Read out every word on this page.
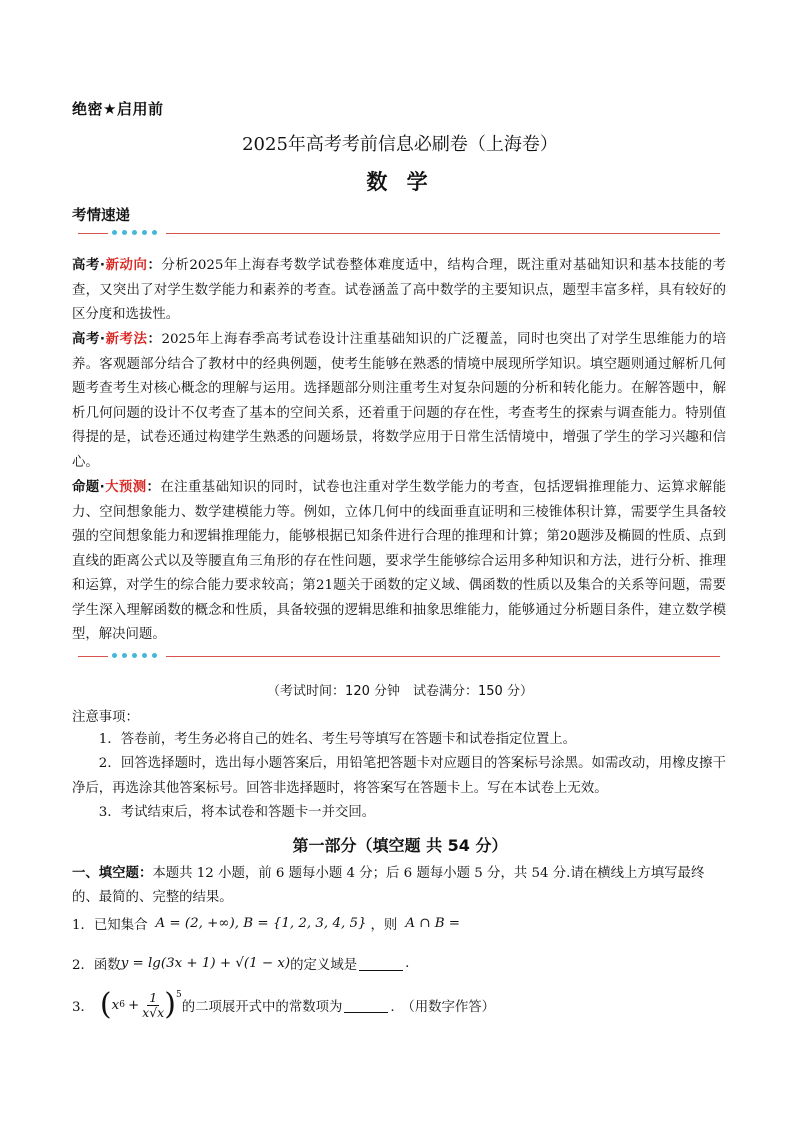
绝密★启用前
2025年高考考前信息必刷卷（上海卷）
数 学
考情速递
高考·新动向：分析2025年上海春考数学试卷整体难度适中，结构合理，既注重对基础知识和基本技能的考查，又突出了对学生数学能力和素养的考查。试卷涵盖了高中数学的主要知识点，题型丰富多样，具有较好的区分度和选拔性。
高考·新考法：2025年上海春季高考试卷设计注重基础知识的广泛覆盖，同时也突出了对学生思维能力的培养。客观题部分结合了教材中的经典例题，使考生能够在熟悉的情境中展现所学知识。填空题则通过解析几何题考查考生对核心概念的理解与运用。选择题部分则注重考生对复杂问题的分析和转化能力。在解答题中，解析几何问题的设计不仅考查了基本的空间关系，还着重于问题的存在性，考查考生的探索与调查能力。特别值得提的是，试卷还通过构建学生熟悉的问题场景，将数学应用于日常生活情境中，增强了学生的学习兴趣和信心。
命题·大预测：在注重基础知识的同时，试卷也注重对学生数学能力的考查，包括逻辑推理能力、运算求解能力、空间想象能力、数学建模能力等。例如，立体几何中的线面垂直证明和三棱锥体积计算，需要学生具备较强的空间想象能力和逻辑推理能力，能够根据已知条件进行合理的推理和计算；第20题涉及椭圆的性质、点到直线的距离公式以及等腰直角三角形的存在性问题，要求学生能够综合运用多种知识和方法，进行分析、推理和运算，对学生的综合能力要求较高；第21题关于函数的定义域、偶函数的性质以及集合的关系等问题，需要学生深入理解函数的概念和性质，具备较强的逻辑思维和抽象思维能力，能够通过分析题目条件，建立数学模型，解决问题。
（考试时间：120 分钟　试卷满分：150 分）
注意事项：
1．答卷前，考生务必将自己的姓名、考生号等填写在答题卡和试卷指定位置上。
2．回答选择题时，选出每小题答案后，用铅笔把答题卡对应题目的答案标号涂黑。如需改动，用橡皮擦干净后，再选涂其他答案标号。回答非选择题时，将答案写在答题卡上。写在本试卷上无效。
3．考试结束后，将本试卷和答题卡一并交回。
第一部分（填空题 共 54 分）
一、填空题：本题共 12 小题，前 6 题每小题 4 分；后 6 题每小题 5 分，共 54 分.请在横线上方填写最终的、最简的、完整的结果。
1． 已知集合 A = (2, +∞), B = {1, 2, 3, 4, 5} ，则 A ∩ B =
2． 函数 y = lg(3x + 1) + √(1 − x) 的定义域是	.
3． ( x $6 + \frac{1}{x√x} )^5$
的二项展开式中的常数项为	.　（用数字作答）
